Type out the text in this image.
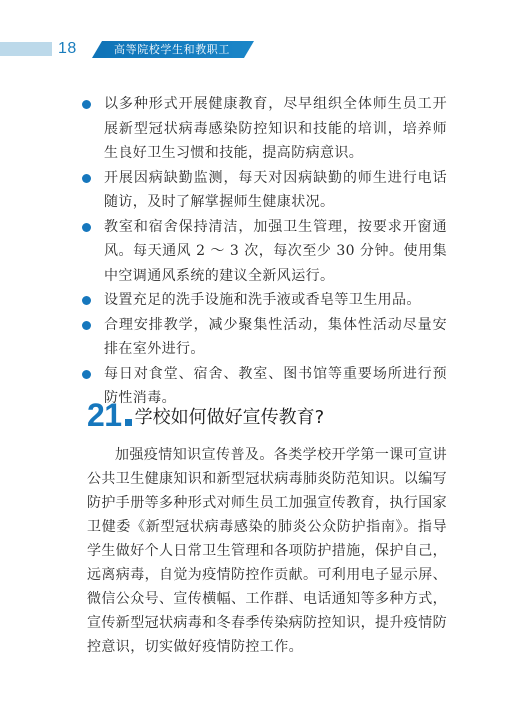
18	高等院校学生和教职工
以多种形式开展健康教育，尽早组织全体师生员工开展新型冠状病毒感染防控知识和技能的培训，培养师生良好卫生习惯和技能，提高防病意识。
开展因病缺勤监测，每天对因病缺勤的师生进行电话随访，及时了解掌握师生健康状况。
教室和宿舍保持清洁，加强卫生管理，按要求开窗通风。每天通风 2 ～ 3 次，每次至少 30 分钟。使用集中空调通风系统的建议全新风运行。
设置充足的洗手设施和洗手液或香皂等卫生用品。
合理安排教学，减少聚集性活动，集体性活动尽量安排在室外进行。
每日对食堂、宿舍、教室、图书馆等重要场所进行预防性消毒。
21 学校如何做好宣传教育?

加强疫情知识宣传普及。各类学校开学第一课可宣讲公共卫生健康知识和新型冠状病毒肺炎防范知识。以编写防护手册等多种形式对师生员工加强宣传教育，执行国家卫健委《新型冠状病毒感染的肺炎公众防护指南》。指导学生做好个人日常卫生管理和各项防护措施，保护自己，远离病毒，自觉为疫情防控作贡献。可利用电子显示屏、微信公众号、宣传横幅、工作群、电话通知等多种方式，宣传新型冠状病毒和冬春季传染病防控知识，提升疫情防控意识，切实做好疫情防控工作。
